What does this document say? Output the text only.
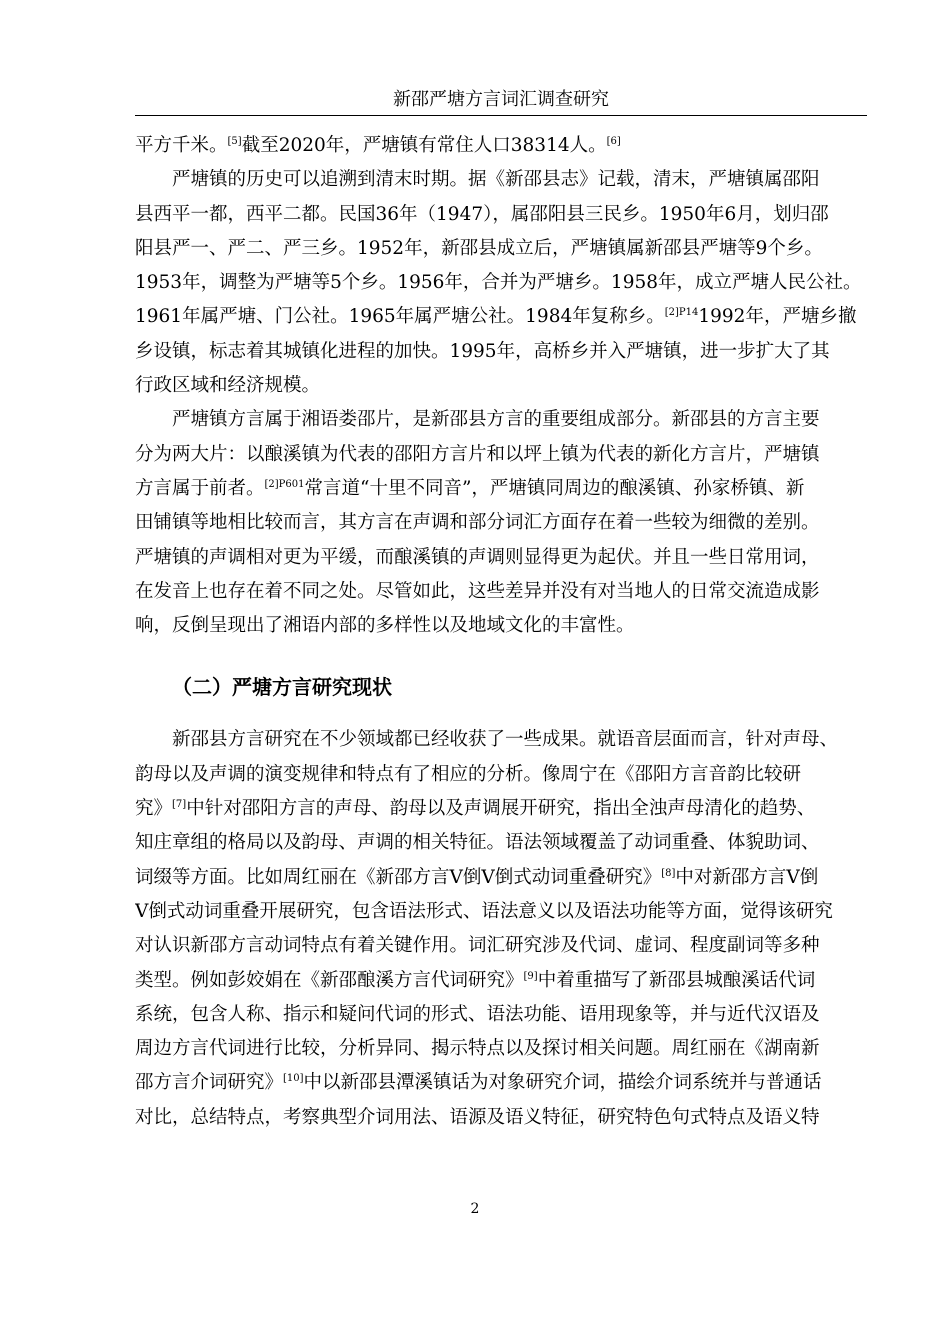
新邵严塘方言词汇调查研究
平方千米。[5]截至2020年，严塘镇有常住人口38314人。[6]
　　严塘镇的历史可以追溯到清末时期。据《新邵县志》记载，清末，严塘镇属邵阳
县西平一都，西平二都。民国36年（1947），属邵阳县三民乡。1950年6月，划归邵
阳县严一、严二、严三乡。1952年，新邵县成立后，严塘镇属新邵县严塘等9个乡。
1953年，调整为严塘等5个乡。1956年，合并为严塘乡。1958年，成立严塘人民公社。
1961年属严塘、门公社。1965年属严塘公社。1984年复称乡。$^{[2]P14}$1992年，严塘乡撤
乡设镇，标志着其城镇化进程的加快。1995年，高桥乡并入严塘镇，进一步扩大了其
行政区域和经济规模。
　　严塘镇方言属于湘语娄邵片，是新邵县方言的重要组成部分。新邵县的方言主要
分为两大片：以酿溪镇为代表的邵阳方言片和以坪上镇为代表的新化方言片，严塘镇
方言属于前者。$^{[2]P601}$常言道“十里不同音”，严塘镇同周边的酿溪镇、孙家桥镇、新
田铺镇等地相比较而言，其方言在声调和部分词汇方面存在着一些较为细微的差别。
严塘镇的声调相对更为平缓，而酿溪镇的声调则显得更为起伏。并且一些日常用词，
在发音上也存在着不同之处。尽管如此，这些差异并没有对当地人的日常交流造成影
响，反倒呈现出了湘语内部的多样性以及地域文化的丰富性。
（二）严塘方言研究现状
　　新邵县方言研究在不少领域都已经收获了一些成果。就语音层面而言，针对声母、
韵母以及声调的演变规律和特点有了相应的分析。像周宁在《邵阳方言音韵比较研
究》[7]中针对邵阳方言的声母、韵母以及声调展开研究，指出全浊声母清化的趋势、
知庄章组的格局以及韵母、声调的相关特征。语法领域覆盖了动词重叠、体貌助词、
词缀等方面。比如周红丽在《新邵方言V倒V倒式动词重叠研究》[8]中对新邵方言V倒
V倒式动词重叠开展研究，包含语法形式、语法意义以及语法功能等方面，觉得该研究
对认识新邵方言动词特点有着关键作用。词汇研究涉及代词、虚词、程度副词等多种
类型。例如彭姣娟在《新邵酿溪方言代词研究》[9]中着重描写了新邵县城酿溪话代词
系统，包含人称、指示和疑问代词的形式、语法功能、语用现象等，并与近代汉语及
周边方言代词进行比较，分析异同、揭示特点以及探讨相关问题。周红丽在《湖南新
邵方言介词研究》[10]中以新邵县潭溪镇话为对象研究介词，描绘介词系统并与普通话
对比，总结特点，考察典型介词用法、语源及语义特征，研究特色句式特点及语义特
2
